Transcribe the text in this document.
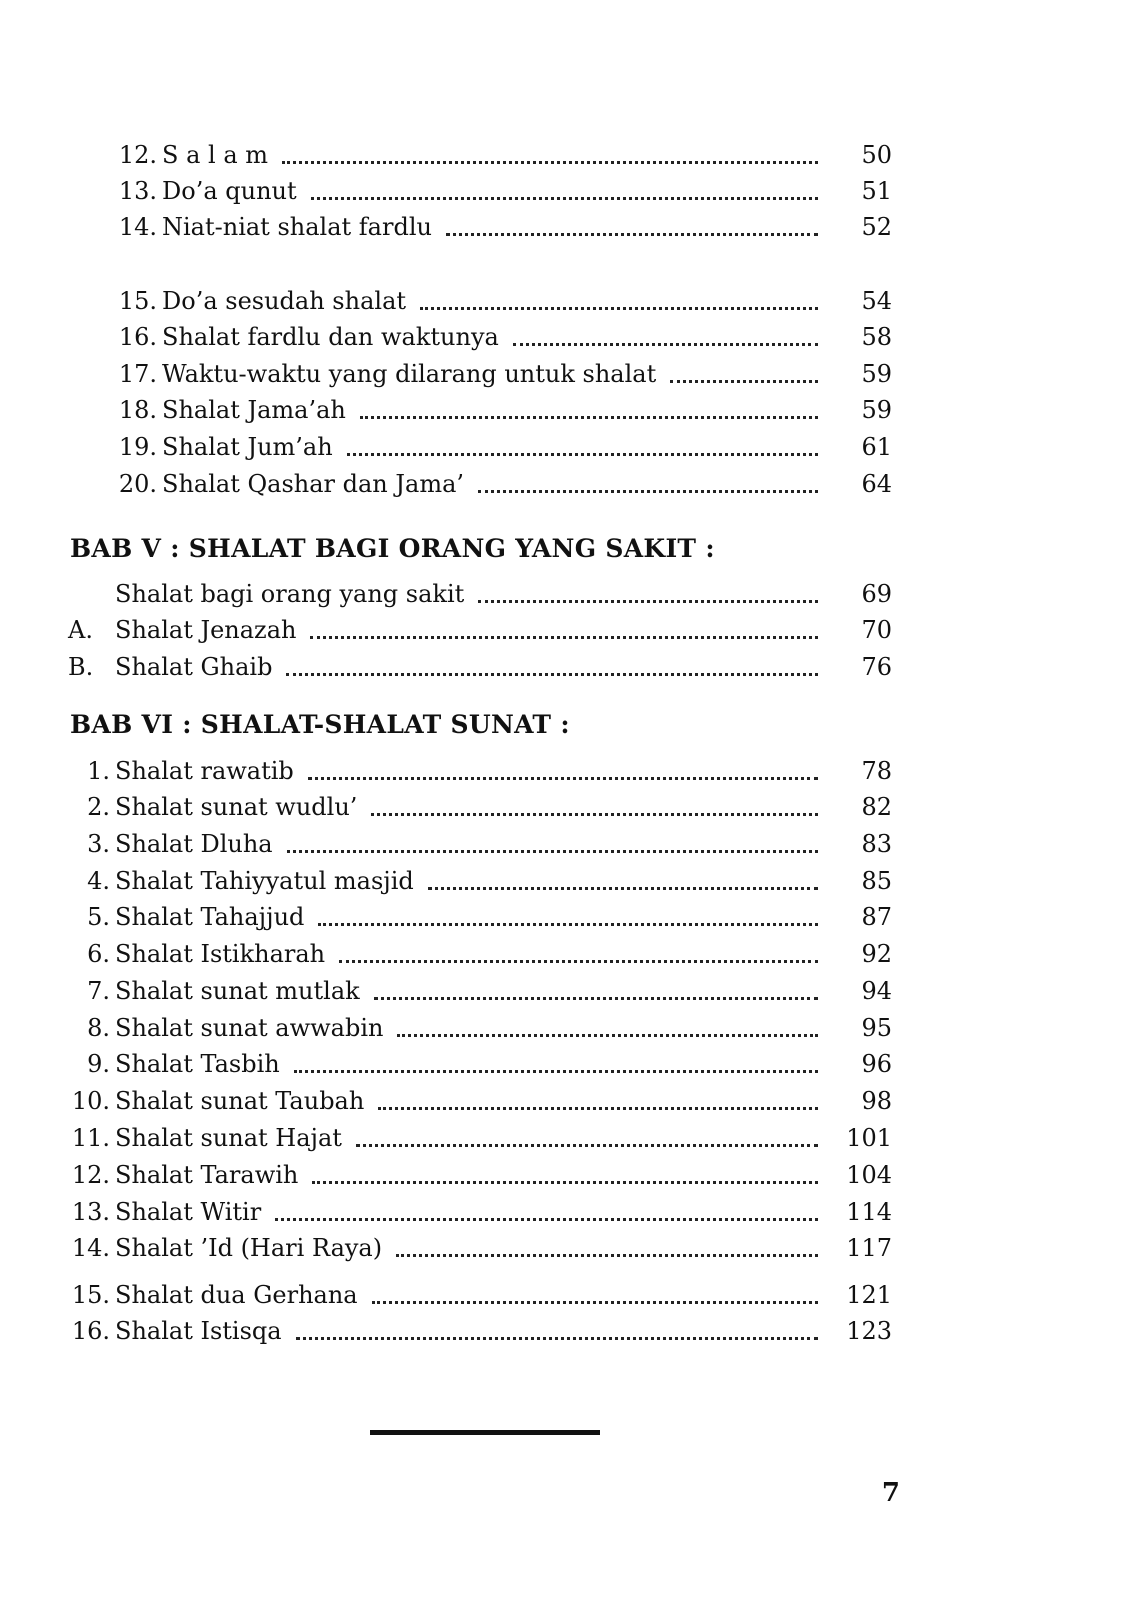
12. S a l a m	50
13. Do’a qunut	51
14. Niat-niat shalat fardlu	52
15. Do’a sesudah shalat	54
16. Shalat fardlu dan waktunya	58
17. Waktu-waktu yang dilarang untuk shalat	59
18. Shalat Jama’ah	59
19. Shalat Jum’ah	61
20. Shalat Qashar dan Jama’	64
BAB V : SHALAT BAGI ORANG YANG SAKIT :
Shalat bagi orang yang sakit	69
A. Shalat Jenazah	70
B. Shalat Ghaib	76
BAB VI : SHALAT-SHALAT SUNAT :
1. Shalat rawatib	78
2. Shalat sunat wudlu’	82
3. Shalat Dluha	83
4. Shalat Tahiyyatul masjid	85
5. Shalat Tahajjud	87
6. Shalat Istikharah	92
7. Shalat sunat mutlak	94
8. Shalat sunat awwabin	95
9. Shalat Tasbih	96
10. Shalat sunat Taubah	98
11. Shalat sunat Hajat	101
12. Shalat Tarawih	104
13. Shalat Witir	114
14. Shalat ’Id (Hari Raya)	117
15. Shalat dua Gerhana	121
16. Shalat Istisqa	123
7
